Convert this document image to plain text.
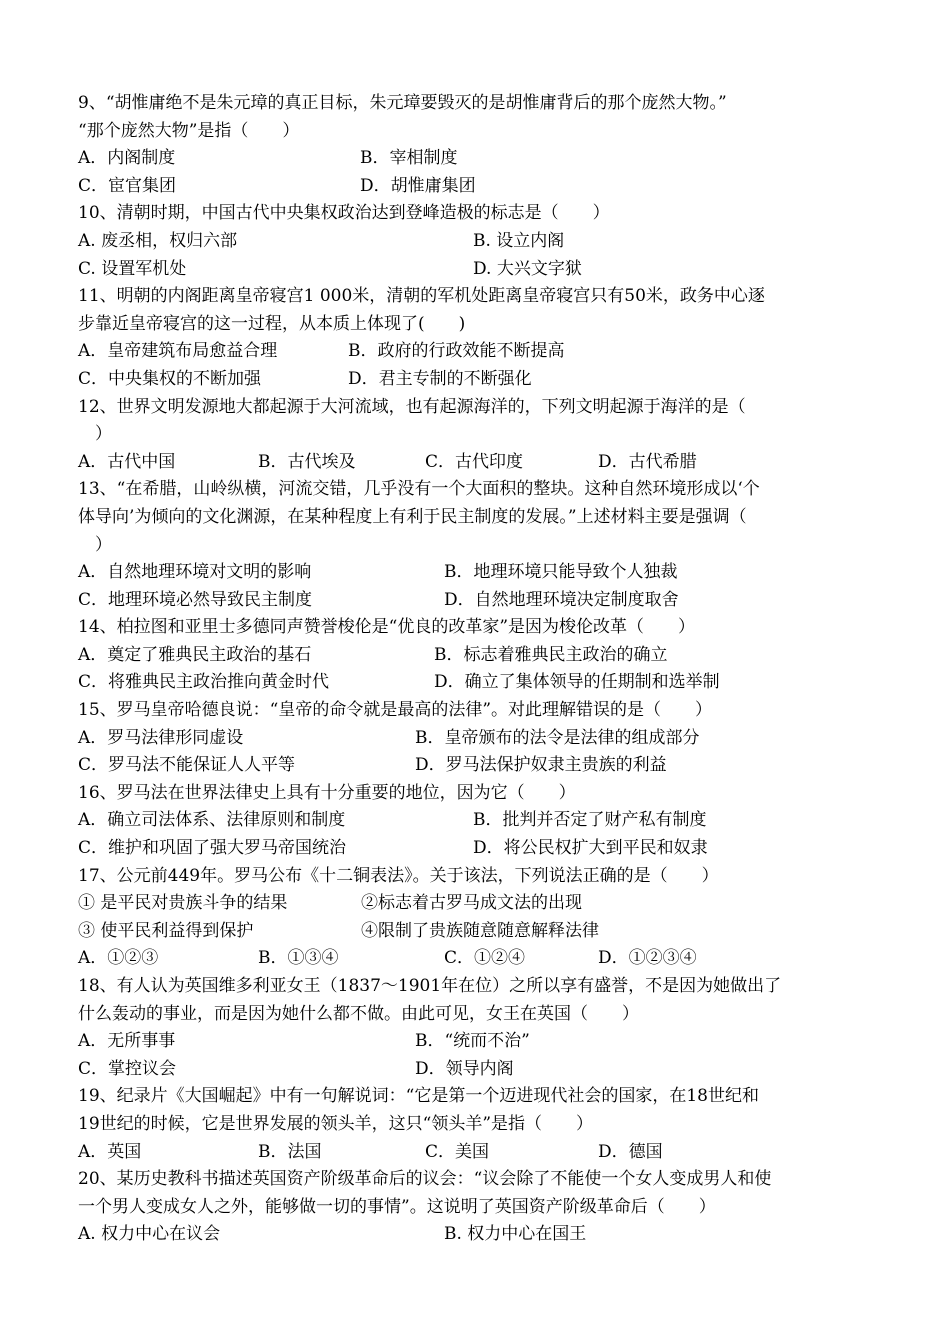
9、“胡惟庸绝不是朱元璋的真正目标，朱元璋要毁灭的是胡惟庸背后的那个庞然大物。”
“那个庞然大物”是指（　　）
A．内阁制度	B．宰相制度
C．宦官集团	D．胡惟庸集团
10、清朝时期，中国古代中央集权政治达到登峰造极的标志是（　　）
A. 废丞相，权归六部	B. 设立内阁
C. 设置军机处	D. 大兴文字狱
11、明朝的内阁距离皇帝寝宫1 000米，清朝的军机处距离皇帝寝宫只有50米，政务中心逐
步靠近皇帝寝宫的这一过程，从本质上体现了(　　)
A．皇帝建筑布局愈益合理	B．政府的行政效能不断提高
C．中央集权的不断加强	D．君主专制的不断强化
12、世界文明发源地大都起源于大河流域，也有起源海洋的，下列文明起源于海洋的是（
　）
A．古代中国	B．古代埃及	C．古代印度	D．古代希腊
13、“在希腊，山岭纵横，河流交错，几乎没有一个大面积的整块。这种自然环境形成以‘个
体导向’为倾向的文化渊源，在某种程度上有利于民主制度的发展。”上述材料主要是强调（
　）
A．自然地理环境对文明的影响	B．地理环境只能导致个人独裁
C．地理环境必然导致民主制度	D．自然地理环境决定制度取舍
14、柏拉图和亚里士多德同声赞誉梭伦是“优良的改革家”是因为梭伦改革（　　）
A．奠定了雅典民主政治的基石	B．标志着雅典民主政治的确立
C．将雅典民主政治推向黄金时代	D．确立了集体领导的任期制和选举制
15、罗马皇帝哈德良说：“皇帝的命令就是最高的法律”。对此理解错误的是（　　）
A．罗马法律形同虚设	B．皇帝颁布的法令是法律的组成部分
C．罗马法不能保证人人平等	D．罗马法保护奴隶主贵族的利益
16、罗马法在世界法律史上具有十分重要的地位，因为它（　　）
A．确立司法体系、法律原则和制度	B．批判并否定了财产私有制度
C．维护和巩固了强大罗马帝国统治	D．将公民权扩大到平民和奴隶
17、公元前449年。罗马公布《十二铜表法》。关于该法，下列说法正确的是（　　）
① 是平民对贵族斗争的结果	②标志着古罗马成文法的出现
③ 使平民利益得到保护	④限制了贵族随意随意解释法律
A．①②③	B．①③④	C．①②④	D．①②③④
18、有人认为英国维多利亚女王（1837～1901年在位）之所以享有盛誉，不是因为她做出了
什么轰动的事业，而是因为她什么都不做。由此可见，女王在英国（　　）
A．无所事事	B．“统而不治”
C．掌控议会	D．领导内阁
19、纪录片《大国崛起》中有一句解说词：“它是第一个迈进现代社会的国家，在18世纪和
19世纪的时候，它是世界发展的领头羊，这只“领头羊”是指（　　）
A．英国	B．法国	C．美国	D．德国
20、某历史教科书描述英国资产阶级革命后的议会：“议会除了不能使一个女人变成男人和使
一个男人变成女人之外，能够做一切的事情”。这说明了英国资产阶级革命后（　　）
A. 权力中心在议会	B. 权力中心在国王
